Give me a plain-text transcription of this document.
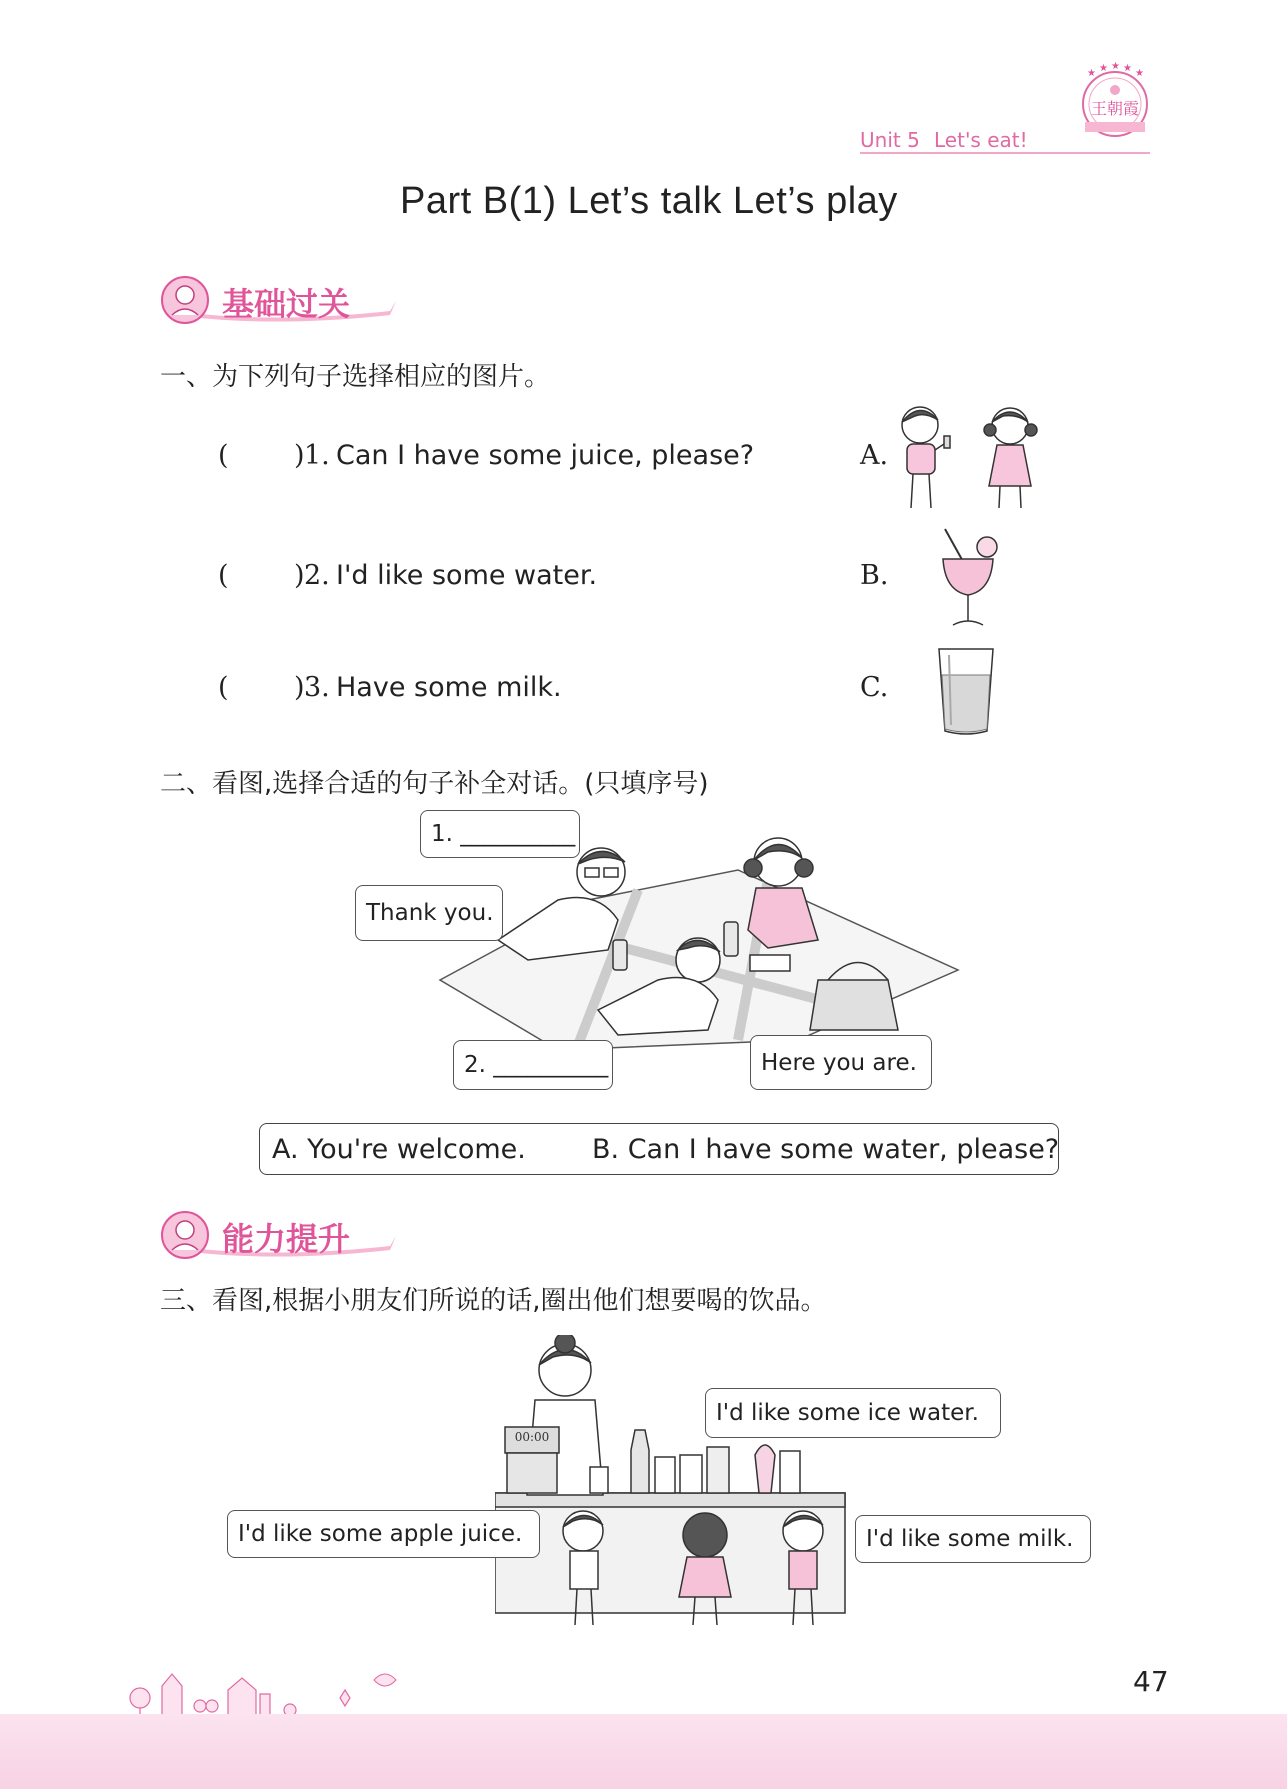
Unit 5 Let's eat!
★ ★ ★ ★ ★
王朝霞
Part B(1) Let’s talk Let’s play
基础过关
一、为下列句子选择相应的图片。
( ) 1. Can I have some juice, please?	A.
( ) 2. I'd like some water.	B.
( ) 3. Have some milk.	C.
二、看图,选择合适的句子补全对话。(只填序号)
1. __________
Thank you.
2. __________	Here you are.
A. You're welcome. B. Can I have some water, please?
能力提升
三、看图,根据小朋友们所说的话,圈出他们想要喝的饮品。
00:00
I'd like some ice water.
I'd like some apple juice.	I'd like some milk.
47
